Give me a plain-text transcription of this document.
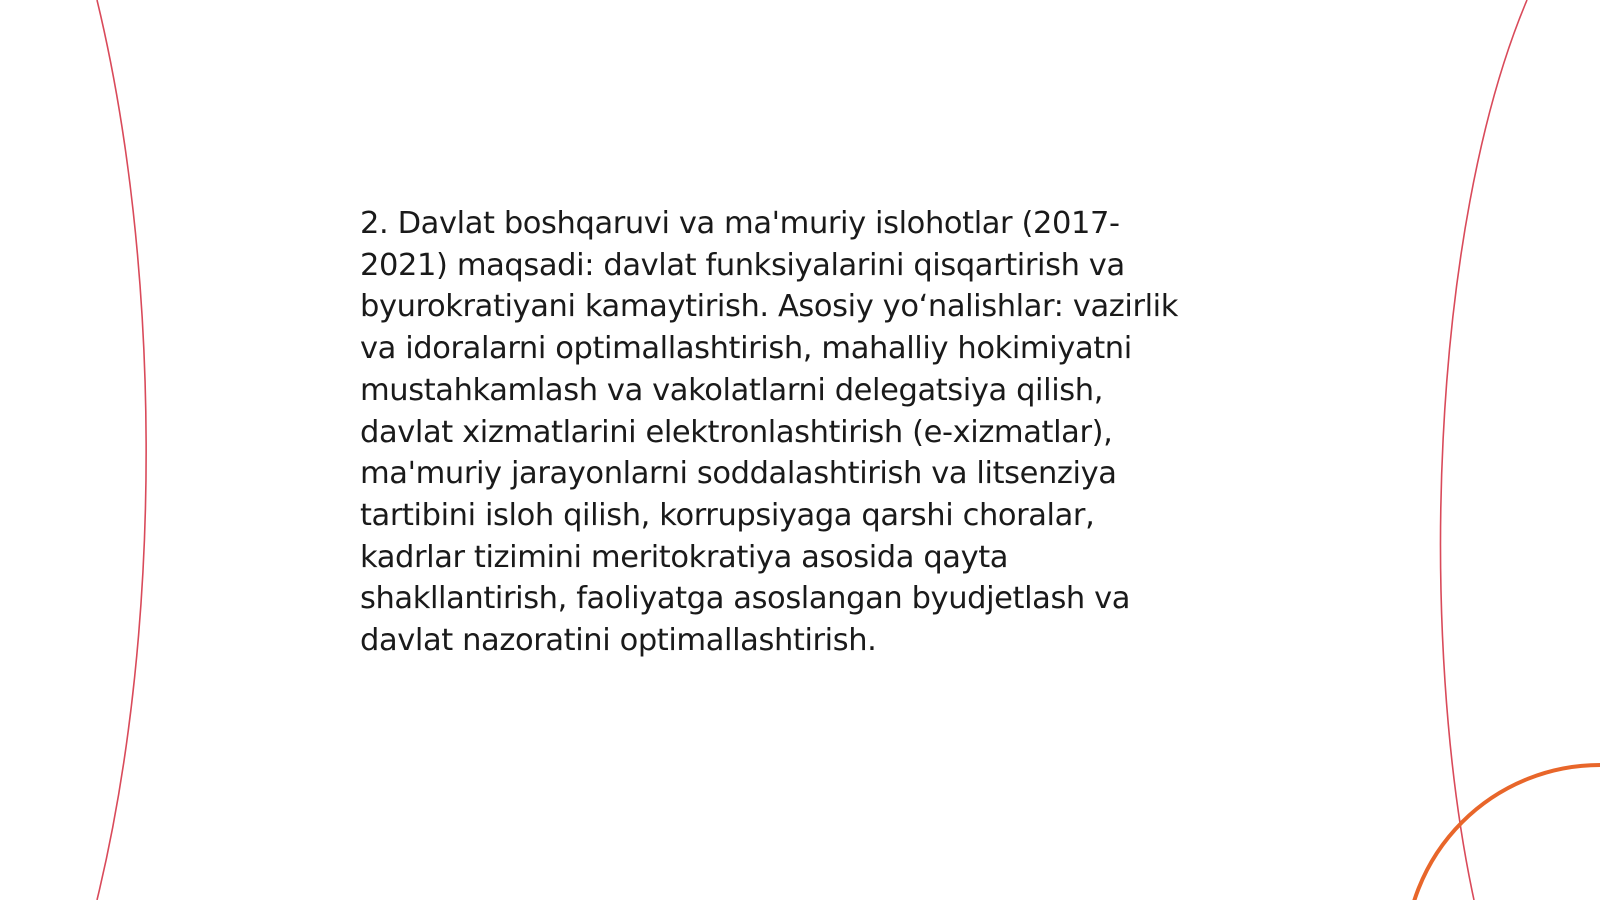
2. Davlat boshqaruvi va ma'muriy islohotlar (2017-
2021) maqsadi: davlat funksiyalarini qisqartirish va
byurokratiyani kamaytirish. Asosiy yo‘nalishlar: vazirlik
va idoralarni optimallashtirish, mahalliy hokimiyatni
mustahkamlash va vakolatlarni delegatsiya qilish,
davlat xizmatlarini elektronlashtirish (e-xizmatlar),
ma'muriy jarayonlarni soddalashtirish va litsenziya
tartibini isloh qilish, korrupsiyaga qarshi choralar,
kadrlar tizimini meritokratiya asosida qayta
shakllantirish, faoliyatga asoslangan byudjetlash va
davlat nazoratini optimallashtirish.
